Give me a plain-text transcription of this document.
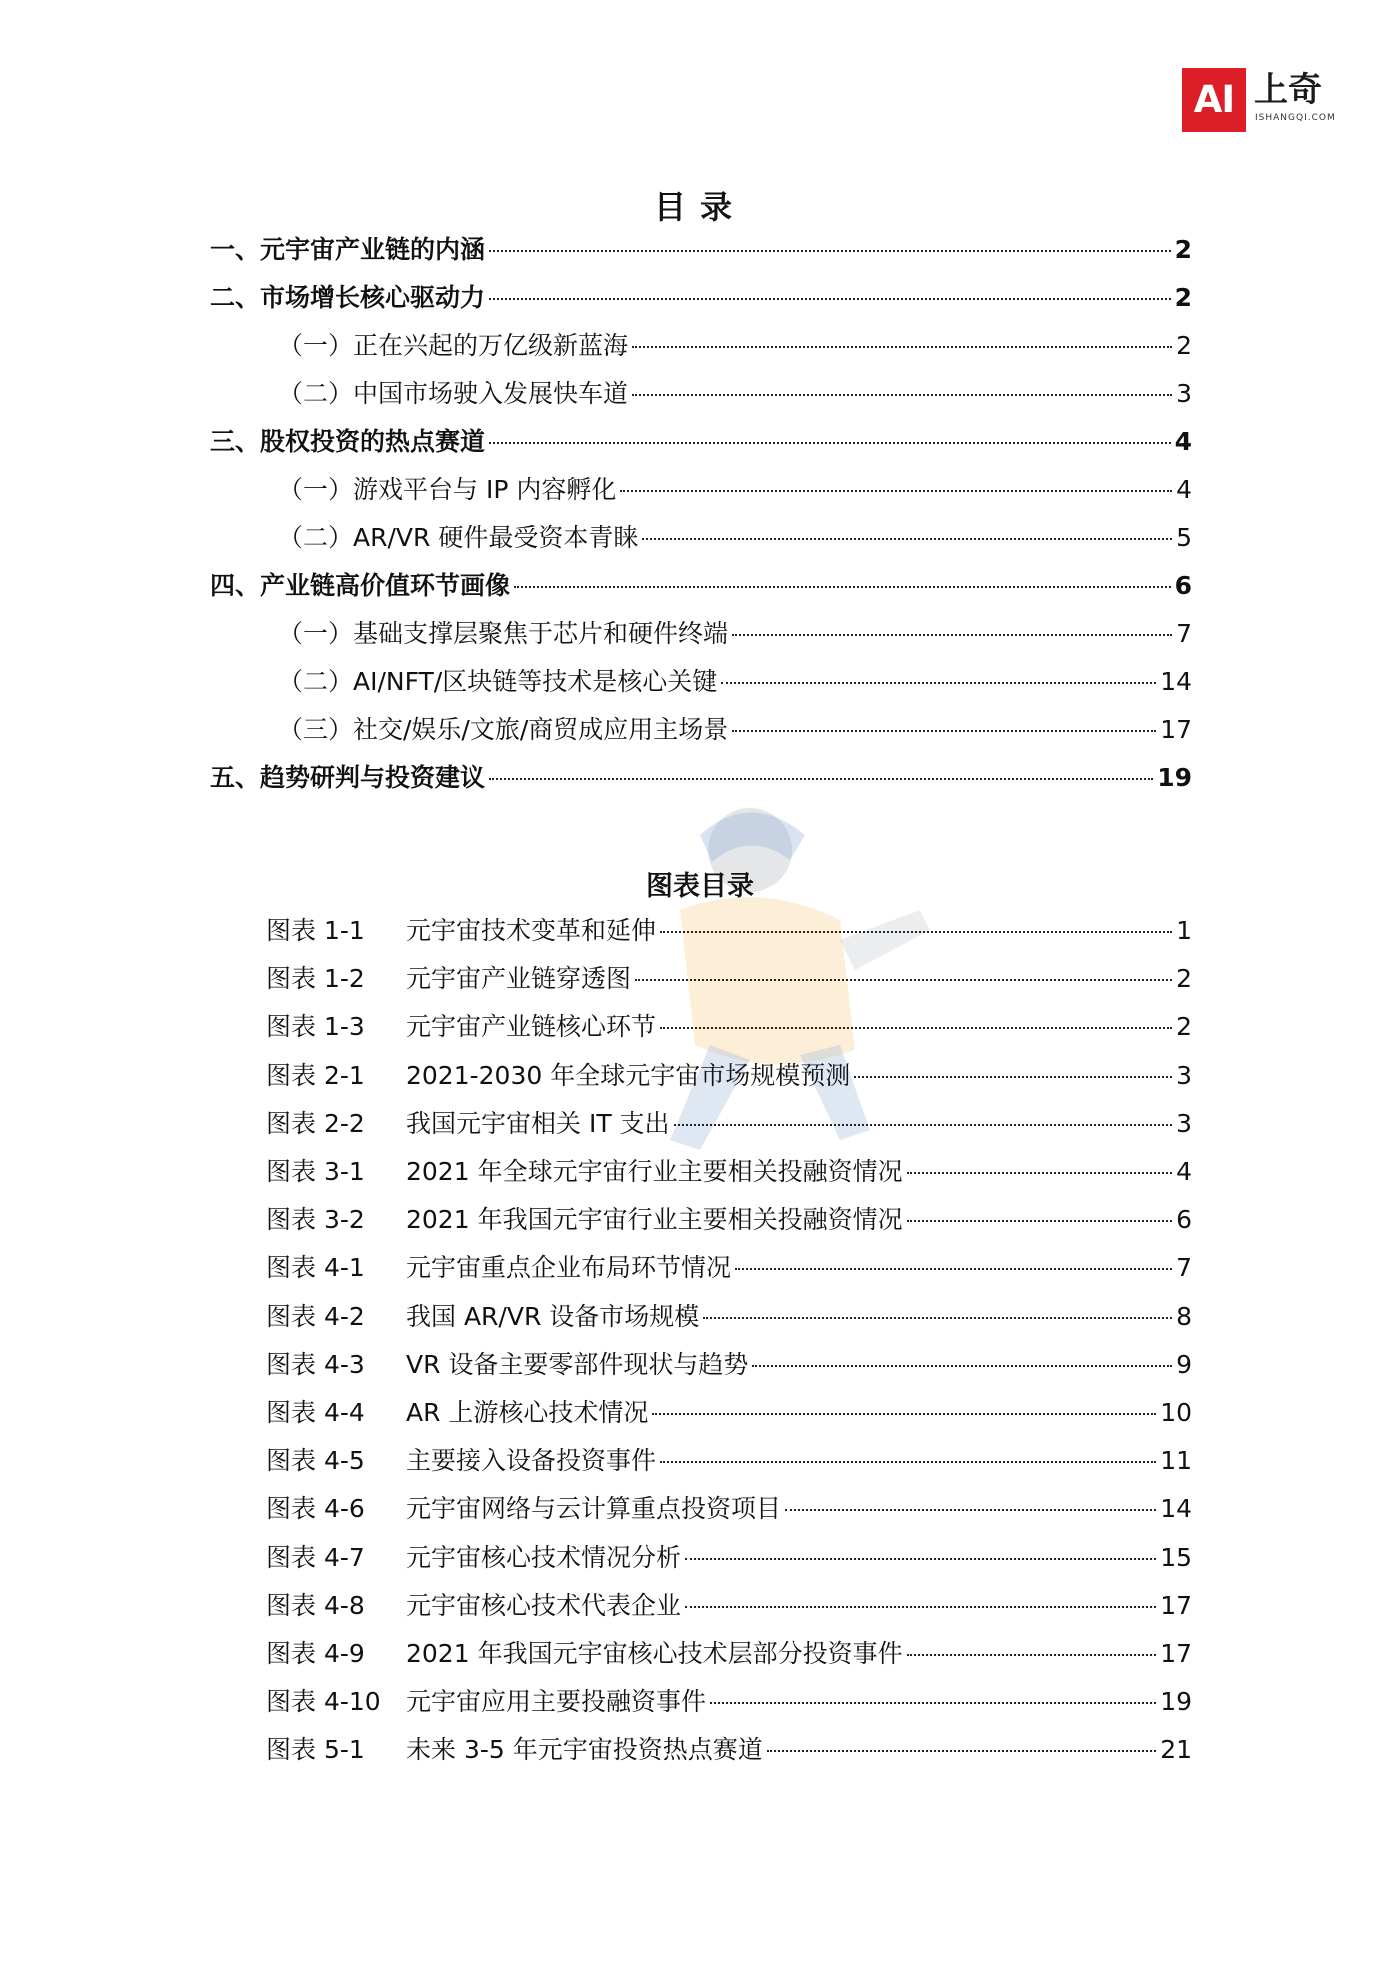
AI 上奇
ISHANGQI.COM
目录
一、元宇宙产业链的内涵	2
二、市场增长核心驱动力	2
（一）正在兴起的万亿级新蓝海	2
（二）中国市场驶入发展快车道	3
三、股权投资的热点赛道	4
（一）游戏平台与 IP 内容孵化	4
（二）AR/VR 硬件最受资本青睐	5
四、产业链高价值环节画像	6
（一）基础支撑层聚焦于芯片和硬件终端	7
（二）AI/NFT/区块链等技术是核心关键	14
（三）社交/娱乐/文旅/商贸成应用主场景	17
五、趋势研判与投资建议	19
图表目录
图表 1-1 元宇宙技术变革和延伸	1
图表 1-2 元宇宙产业链穿透图	2
图表 1-3 元宇宙产业链核心环节	2
图表 2-1 2021-2030 年全球元宇宙市场规模预测	3
图表 2-2 我国元宇宙相关 IT 支出	3
图表 3-1 2021 年全球元宇宙行业主要相关投融资情况	4
图表 3-2 2021 年我国元宇宙行业主要相关投融资情况	6
图表 4-1 元宇宙重点企业布局环节情况	7
图表 4-2 我国 AR/VR 设备市场规模	8
图表 4-3 VR 设备主要零部件现状与趋势	9
图表 4-4 AR 上游核心技术情况	10
图表 4-5 主要接入设备投资事件	11
图表 4-6 元宇宙网络与云计算重点投资项目	14
图表 4-7 元宇宙核心技术情况分析	15
图表 4-8 元宇宙核心技术代表企业	17
图表 4-9 2021 年我国元宇宙核心技术层部分投资事件	17
图表 4-10 元宇宙应用主要投融资事件	19
图表 5-1 未来 3-5 年元宇宙投资热点赛道	21
